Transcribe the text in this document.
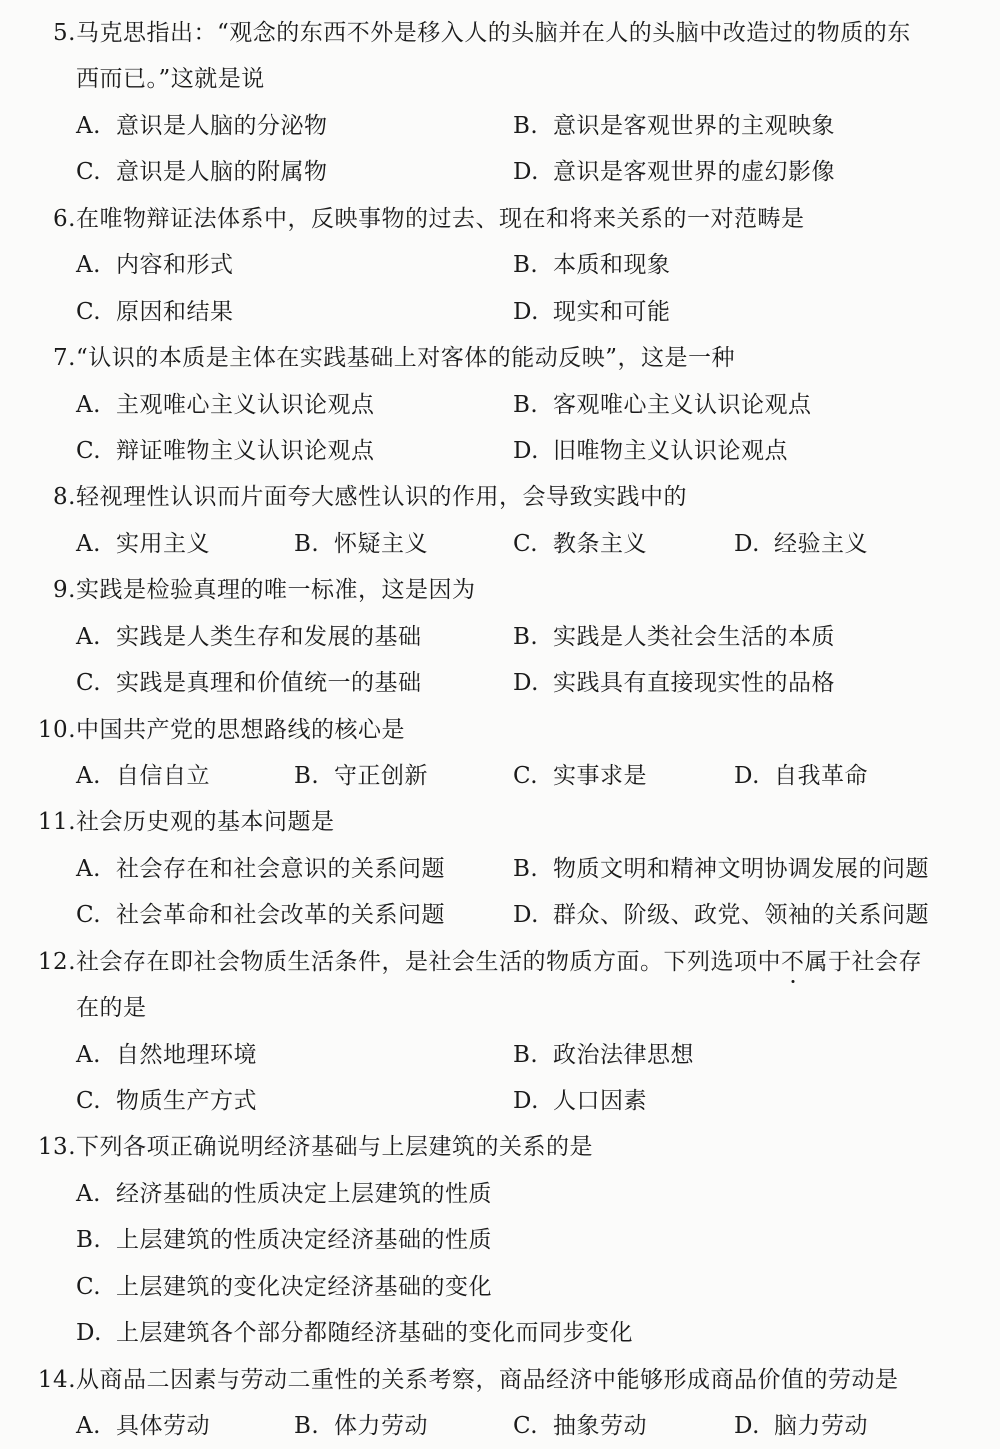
5.马克思指出：“观念的东西不外是移入人的头脑并在人的头脑中改造过的物质的东
西而已。”这就是说
A. 意识是人脑的分泌物	B. 意识是客观世界的主观映象
C. 意识是人脑的附属物	D. 意识是客观世界的虚幻影像
6.在唯物辩证法体系中，反映事物的过去、现在和将来关系的一对范畴是
A. 内容和形式	B. 本质和现象
C. 原因和结果	D. 现实和可能
7.“认识的本质是主体在实践基础上对客体的能动反映”，这是一种
A. 主观唯心主义认识论观点	B. 客观唯心主义认识论观点
C. 辩证唯物主义认识论观点	D. 旧唯物主义认识论观点
8.轻视理性认识而片面夸大感性认识的作用，会导致实践中的
A. 实用主义	B. 怀疑主义	C. 教条主义	D. 经验主义
9.实践是检验真理的唯一标准，这是因为
A. 实践是人类生存和发展的基础	B. 实践是人类社会生活的本质
C. 实践是真理和价值统一的基础	D. 实践具有直接现实性的品格
10.中国共产党的思想路线的核心是
A. 自信自立	B. 守正创新	C. 实事求是	D. 自我革命
11.社会历史观的基本问题是
A. 社会存在和社会意识的关系问题	B. 物质文明和精神文明协调发展的问题
C. 社会革命和社会改革的关系问题	D. 群众、阶级、政党、领袖的关系问题
12.社会存在即社会物质生活条件，是社会生活的物质方面。下列选项中不属于社会存
在的是
A. 自然地理环境	B. 政治法律思想
C. 物质生产方式	D. 人口因素
13.下列各项正确说明经济基础与上层建筑的关系的是
A. 经济基础的性质决定上层建筑的性质
B. 上层建筑的性质决定经济基础的性质
C. 上层建筑的变化决定经济基础的变化
D. 上层建筑各个部分都随经济基础的变化而同步变化
14.从商品二因素与劳动二重性的关系考察，商品经济中能够形成商品价值的劳动是
A. 具体劳动	B. 体力劳动	C. 抽象劳动	D. 脑力劳动
